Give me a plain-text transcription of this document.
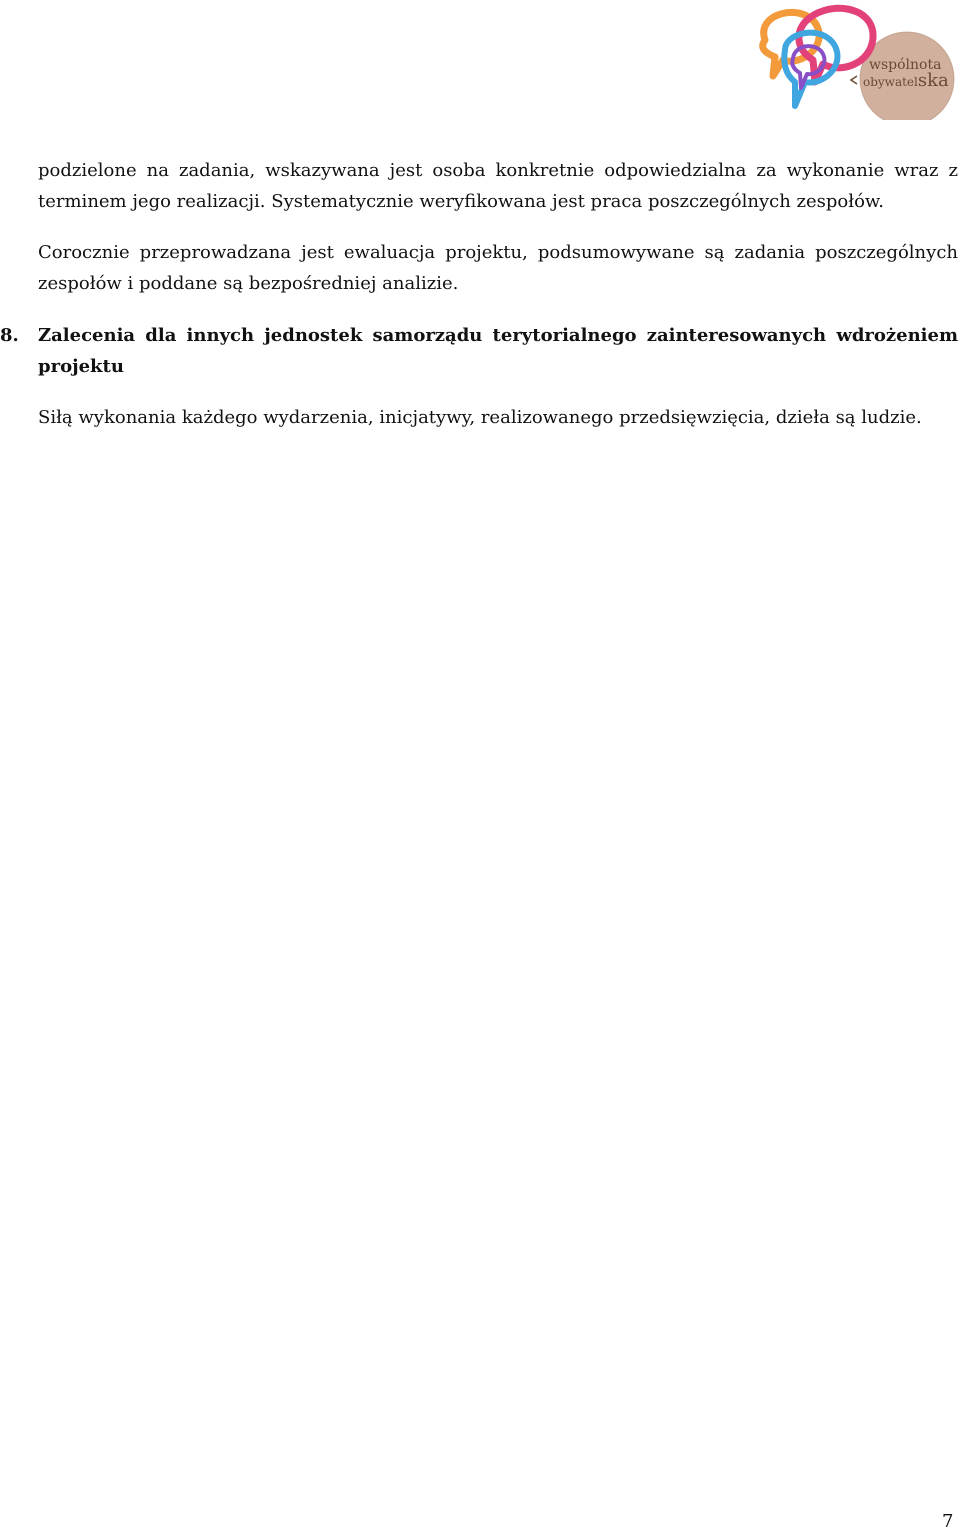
wspólnota
obywatelska

podzielone na zadania, wskazywana jest osoba konkretnie odpowiedzialna za wykonanie wraz z terminem jego realizacji. Systematycznie weryfikowana jest praca poszczególnych zespołów.

Corocznie przeprowadzana jest ewaluacja projektu, podsumowywane są zadania poszczególnych zespołów i poddane są bezpośredniej analizie.

8. Zalecenia dla innych jednostek samorządu terytorialnego zainteresowanych wdrożeniem projektu

Siłą wykonania każdego wydarzenia, inicjatywy, realizowanego przedsięwzięcia, dzieła są ludzie.

7
